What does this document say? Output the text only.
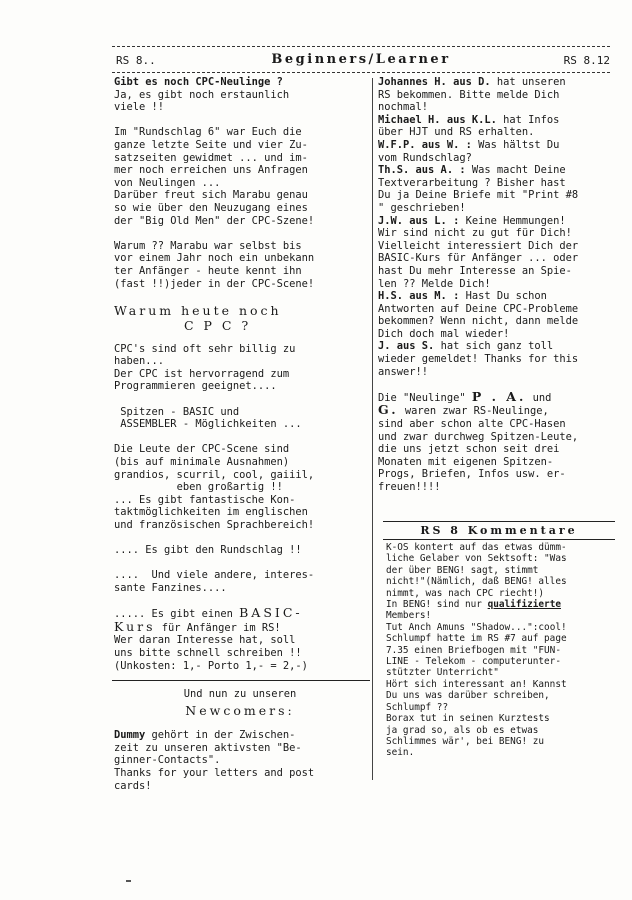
RS 8..	Beginners/Learner	RS 8.12

Gibt es noch CPC-Neulinge ?
Ja, es gibt noch erstaunlich
viele !!

Im "Rundschlag 6" war Euch die
ganze letzte Seite und vier Zu-
satzseiten gewidmet ... und im-
mer noch erreichen uns Anfragen
von Neulingen ...
Darüber freut sich Marabu genau
so wie über den Neuzugang eines
der "Big Old Men" der CPC-Szene!

Warum ?? Marabu war selbst bis
vor einem Jahr noch ein unbekann
ter Anfänger - heute kennt ihn
(fast !!)jeder in der CPC-Scene!

Warum heute noch
C P C ?

CPC's sind oft sehr billig zu
haben...
Der CPC ist hervorragend zum
Programmieren geeignet....

Spitzen - BASIC und
ASSEMBLER - Möglichkeiten ...

Die Leute der CPC-Scene sind
(bis auf minimale Ausnahmen)
grandios, scurril, cool, gaiiil,
eben großartig !!
... Es gibt fantastische Kon-
taktmöglichkeiten im englischen
und französischen Sprachbereich!

.... Es gibt den Rundschlag !!

....  Und viele andere, interes-
sante Fanzines....

..... Es gibt einen BASIC-
Kurs für Anfänger im RS!
Wer daran Interesse hat, soll
uns bitte schnell schreiben !!
(Unkosten: 1,- Porto 1,- = 2,-)

Und nun zu unseren

Newcomers:

Dummy gehört in der Zwischen-
zeit zu unseren aktivsten "Be-
ginner-Contacts".
Thanks for your letters and post
cards!

Johannes H. aus D. hat unseren
RS bekommen. Bitte melde Dich
nochmal!

Michael H. aus K.L. hat Infos
über HJT und RS erhalten.

W.F.P. aus W. : Was hältst Du
vom Rundschlag?

Th.S. aus A. : Was macht Deine
Textverarbeitung ? Bisher hast
Du ja Deine Briefe mit "Print #8
" geschrieben!

J.W. aus L. : Keine Hemmungen!
Wir sind nicht zu gut für Dich!
Vielleicht interessiert Dich der
BASIC-Kurs für Anfänger ... oder
hast Du mehr Interesse an Spie-
len ?? Melde Dich!

H.S. aus M. : Hast Du schon
Antworten auf Deine CPC-Probleme
bekommen? Wenn nicht, dann melde
Dich doch mal wieder!

J. aus S. hat sich ganz toll
wieder gemeldet! Thanks for this
answer!!

Die "Neulinge" P . A. und
G. waren zwar RS-Neulinge,
sind aber schon alte CPC-Hasen
und zwar durchweg Spitzen-Leute,
die uns jetzt schon seit drei
Monaten mit eigenen Spitzen-
Progs, Briefen, Infos usw. er-
freuen!!!!

RS 8 Kommentare

K-OS kontert auf das etwas dümm-
liche Gelaber von Sektsoft: "Was
der über BENG! sagt, stimmt
nicht!"(Nämlich, daß BENG! alles
nimmt, was nach CPC riecht!)
In BENG! sind nur qualifizierte
Members!

Tut Anch Amuns "Shadow...":cool!

Schlumpf hatte im RS #7 auf page
7.35 einen Briefbogen mit "FUN-
LINE - Telekom - computerunter-
stützter Unterricht"
Hört sich interessant an! Kannst
Du uns was darüber schreiben,
Schlumpf ??

Borax tut in seinen Kurztests
ja grad so, als ob es etwas
Schlimmes wär', bei BENG! zu
sein.
